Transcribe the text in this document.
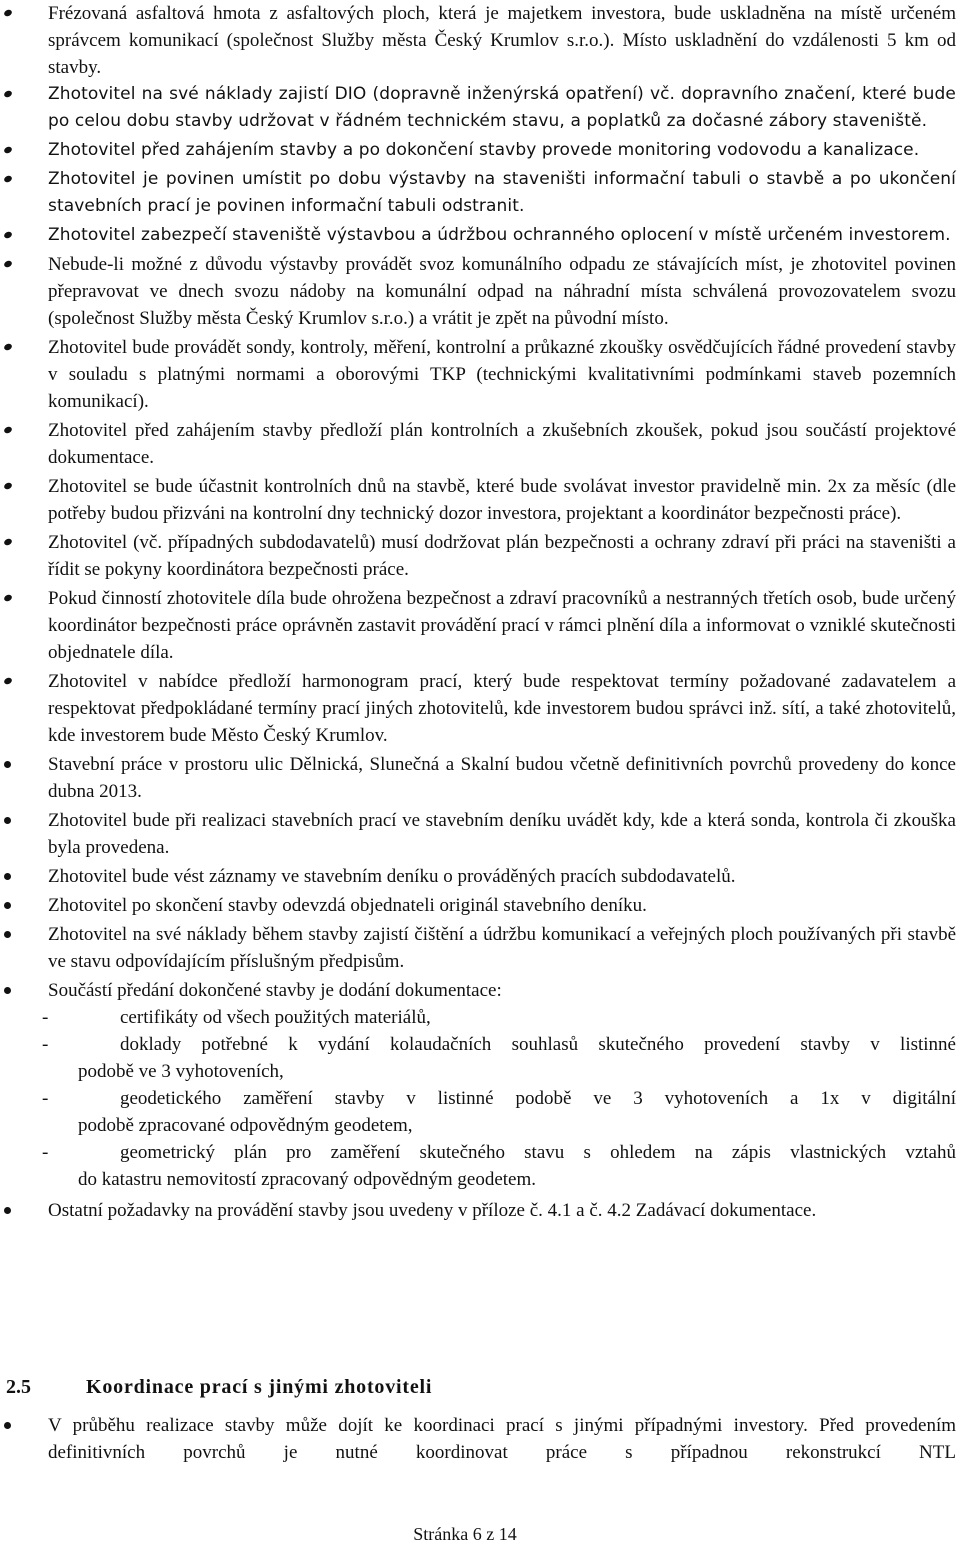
Frézovaná asfaltová hmota z asfaltových ploch, která je majetkem investora, bude uskladněna na místě určeném správcem komunikací (společnost Služby města Český Krumlov s.r.o.). Místo uskladnění do vzdálenosti 5 km od stavby.
Zhotovitel na své náklady zajistí DIO (dopravně inženýrská opatření) vč. dopravního značení, které bude po celou dobu stavby udržovat v řádném technickém stavu, a poplatků za dočasné zábory staveniště.
Zhotovitel před zahájením stavby a po dokončení stavby provede monitoring vodovodu a kanalizace.
Zhotovitel je povinen umístit po dobu výstavby na staveništi informační tabuli o stavbě a po ukončení stavebních prací je povinen informační tabuli odstranit.
Zhotovitel zabezpečí staveniště výstavbou a údržbou ochranného oplocení v místě určeném investorem.
Nebude-li možné z důvodu výstavby provádět svoz komunálního odpadu ze stávajících míst, je zhotovitel povinen přepravovat ve dnech svozu nádoby na komunální odpad na náhradní místa schválená provozovatelem svozu (společnost Služby města Český Krumlov s.r.o.) a vrátit je zpět na původní místo.
Zhotovitel bude provádět sondy, kontroly, měření, kontrolní a průkazné zkoušky osvědčujících řádné provedení stavby v souladu s platnými normami a oborovými TKP (technickými kvalitativními podmínkami staveb pozemních komunikací).
Zhotovitel před zahájením stavby předloží plán kontrolních a zkušebních zkoušek, pokud jsou součástí projektové dokumentace.
Zhotovitel se bude účastnit kontrolních dnů na stavbě, které bude svolávat investor pravidelně min. 2x za měsíc (dle potřeby budou přizváni na kontrolní dny technický dozor investora, projektant a koordinátor bezpečnosti práce).
Zhotovitel (vč. případných subdodavatelů) musí dodržovat plán bezpečnosti a ochrany zdraví při práci na staveništi a řídit se pokyny koordinátora bezpečnosti práce.
Pokud činností zhotovitele díla bude ohrožena bezpečnost a zdraví pracovníků a nestranných třetích osob, bude určený koordinátor bezpečnosti práce oprávněn zastavit provádění prací v rámci plnění díla a informovat o vzniklé skutečnosti objednatele díla.
Zhotovitel v nabídce předloží harmonogram prací, který bude respektovat termíny požadované zadavatelem a respektovat předpokládané termíny prací jiných zhotovitelů, kde investorem budou správci inž. sítí, a také zhotovitelů, kde investorem bude Město Český Krumlov.
Stavební práce v prostoru ulic Dělnická, Slunečná a Skalní budou včetně definitivních povrchů provedeny do konce dubna 2013.
Zhotovitel bude při realizaci stavebních prací ve stavebním deníku uvádět kdy, kde a která sonda, kontrola či zkouška byla provedena.
Zhotovitel bude vést záznamy ve stavebním deníku o prováděných pracích subdodavatelů.
Zhotovitel po skončení stavby odevzdá objednateli originál stavebního deníku.
Zhotovitel na své náklady během stavby zajistí čištění a údržbu komunikací a veřejných ploch používaných při stavbě ve stavu odpovídajícím příslušným předpisům.
Součástí předání dokončené stavby je dodání dokumentace:
-	certifikáty od všech použitých materiálů,
-	doklady potřebné k vydání kolaudačních souhlasů skutečného provedení stavby v listinné
podobě ve 3 vyhotoveních,
-	geodetického zaměření stavby v listinné podobě ve 3 vyhotoveních a 1x v digitální
podobě zpracované odpovědným geodetem,
-	geometrický plán pro zaměření skutečného stavu s ohledem na zápis vlastnických vztahů
do katastru nemovitostí zpracovaný odpovědným geodetem.
Ostatní požadavky na provádění stavby jsou uvedeny v příloze č. 4.1 a č. 4.2 Zadávací dokumentace.
2.5	Koordinace prací s jinými zhotoviteli
V průběhu realizace stavby může dojít ke koordinaci prací s jinými případnými investory. Před provedením definitivních povrchů je nutné koordinovat práce s případnou rekonstrukcí NTL
Stránka 6 z 14
